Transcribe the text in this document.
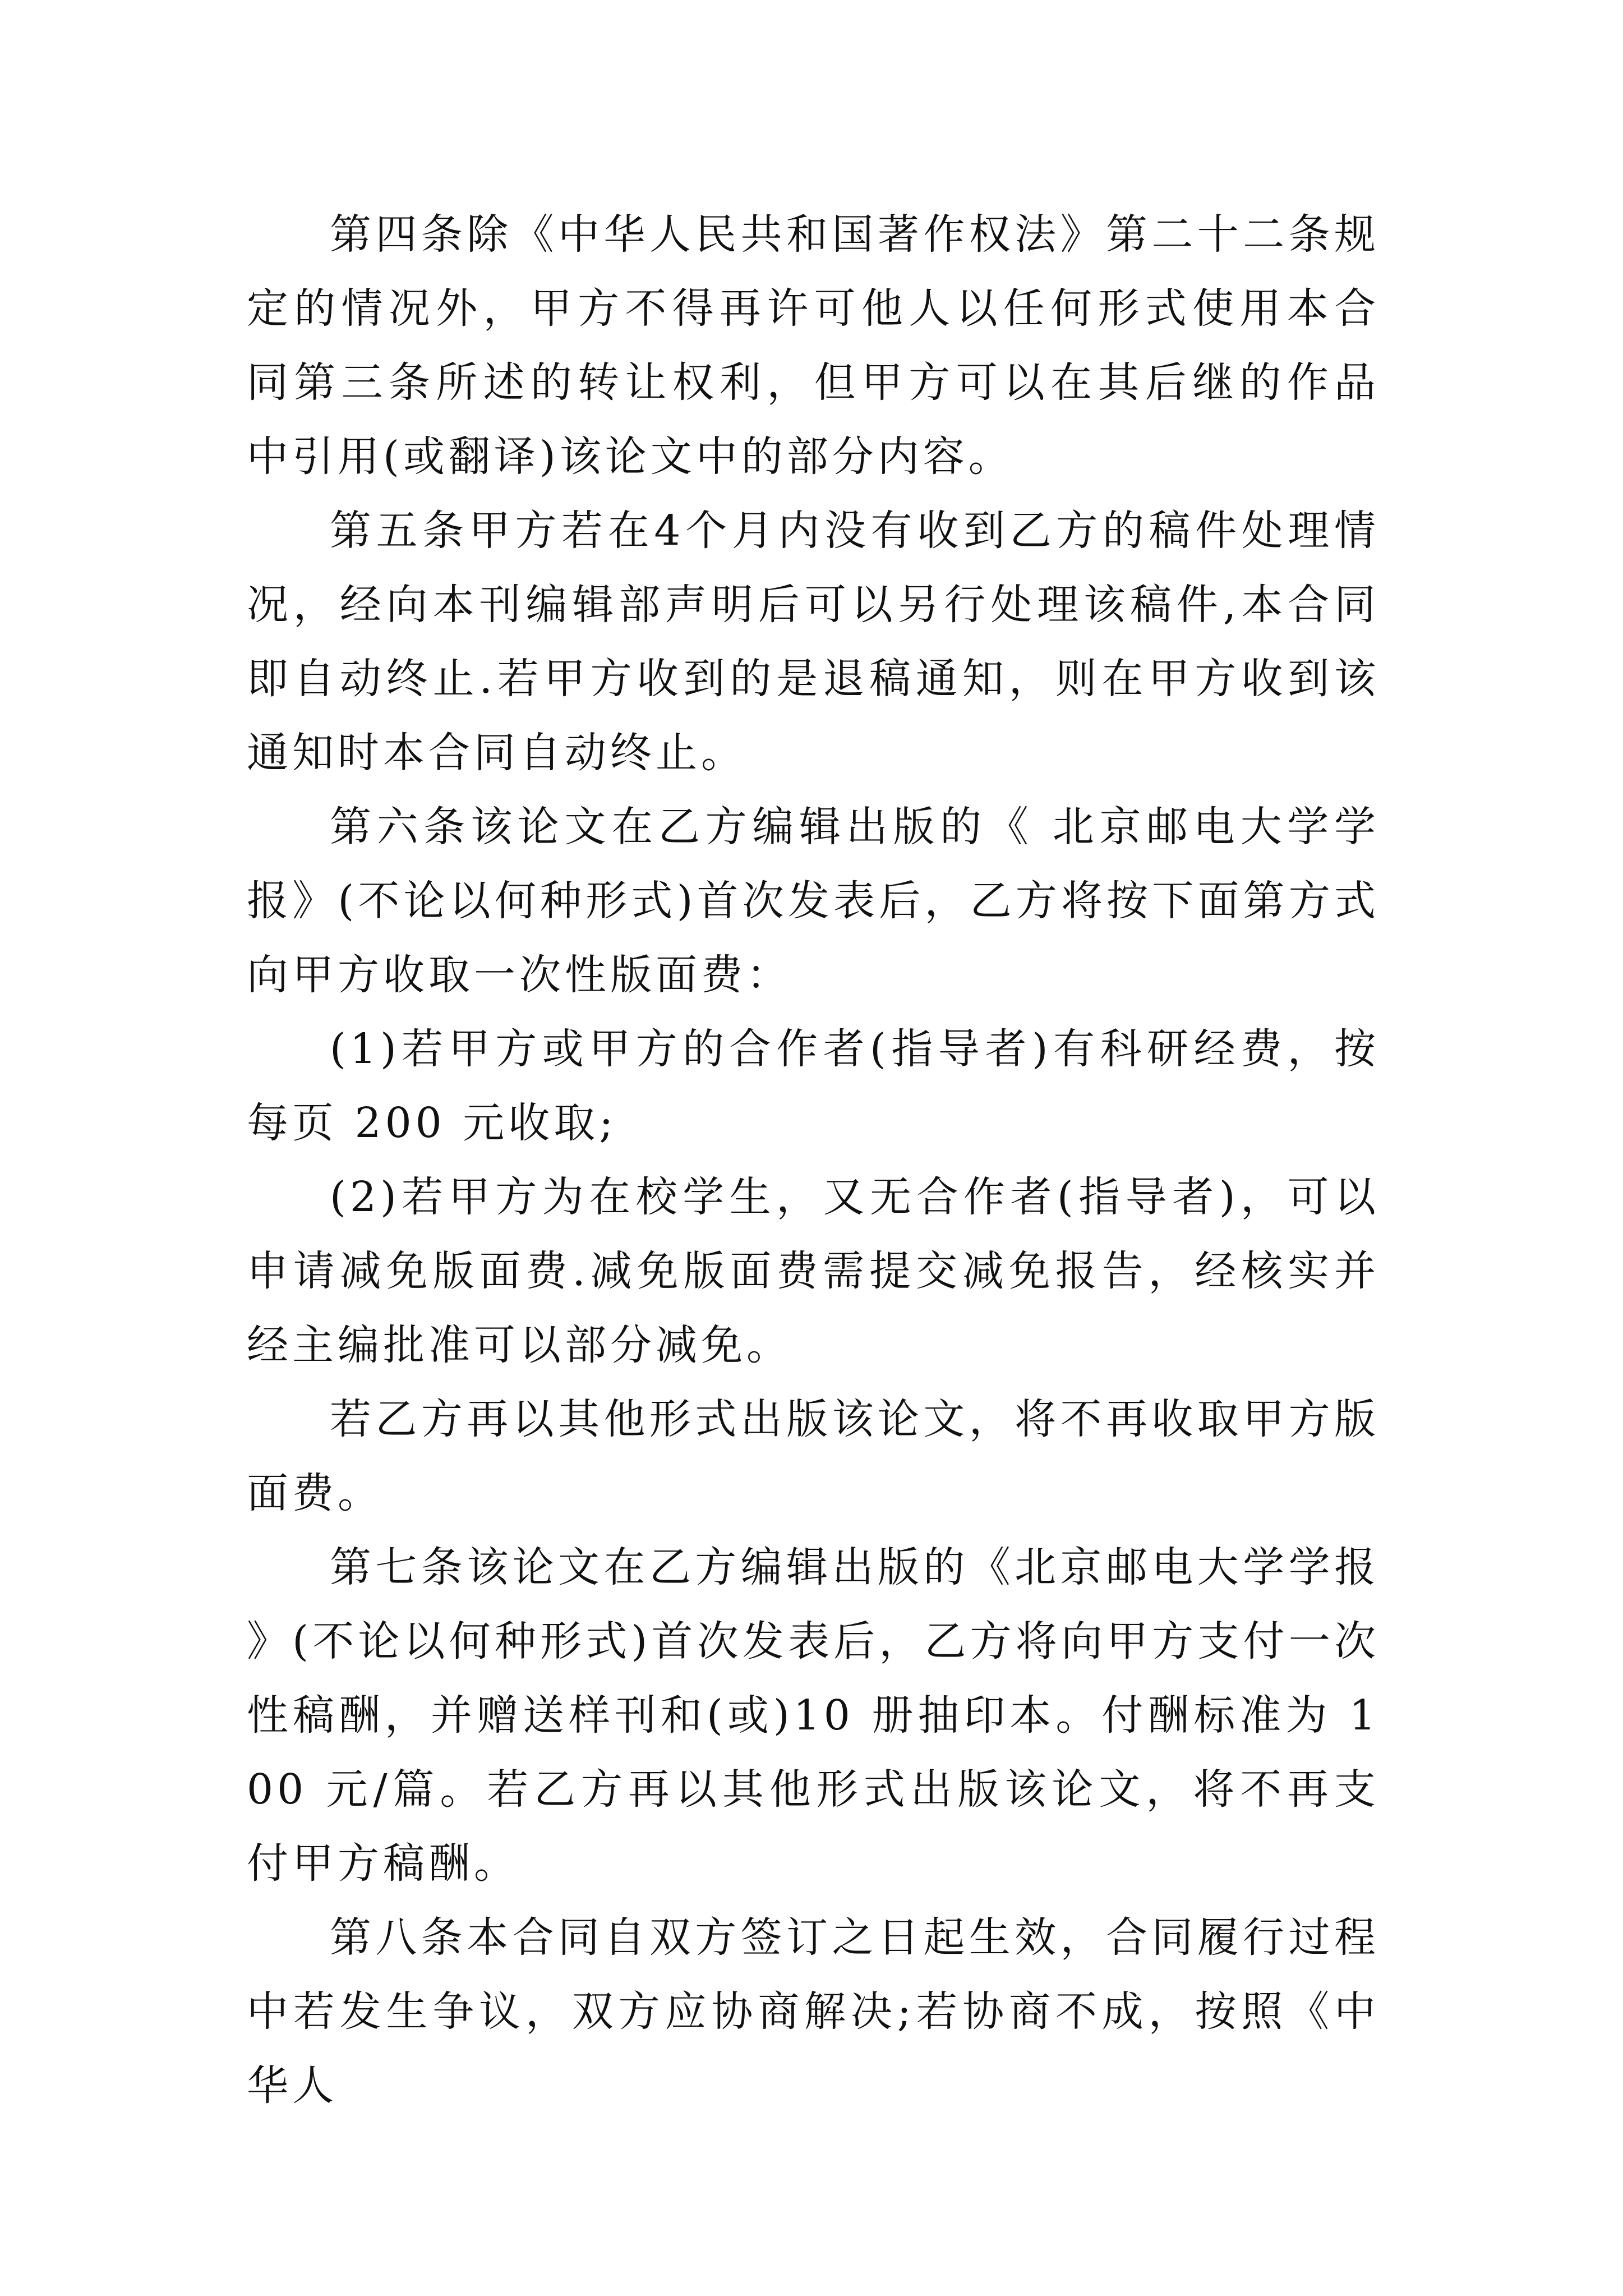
第四条除《中华人民共和国著作权法》第二十二条规定的情况外，甲方不得再许可他人以任何形式使用本合同第三条所述的转让权利，但甲方可以在其后继的作品中引用(或翻译)该论文中的部分内容。

第五条甲方若在4个月内没有收到乙方的稿件处理情况，经向本刊编辑部声明后可以另行处理该稿件,本合同即自动终止.若甲方收到的是退稿通知，则在甲方收到该通知时本合同自动终止。

第六条该论文在乙方编辑出版的《 北京邮电大学学报》(不论以何种形式)首次发表后，乙方将按下面第方式向甲方收取一次性版面费：

(1)若甲方或甲方的合作者(指导者)有科研经费，按每页 200 元收取;

(2)若甲方为在校学生，又无合作者(指导者)，可以申请减免版面费.减免版面费需提交减免报告，经核实并经主编批准可以部分减免。

若乙方再以其他形式出版该论文，将不再收取甲方版面费。

第七条该论文在乙方编辑出版的《北京邮电大学学报》(不论以何种形式)首次发表后，乙方将向甲方支付一次性稿酬，并赠送样刊和(或)10 册抽印本。付酬标准为 100 元/篇。若乙方再以其他形式出版该论文，将不再支付甲方稿酬。

第八条本合同自双方签订之日起生效，合同履行过程中若发生争议，双方应协商解决;若协商不成，按照《中华人
